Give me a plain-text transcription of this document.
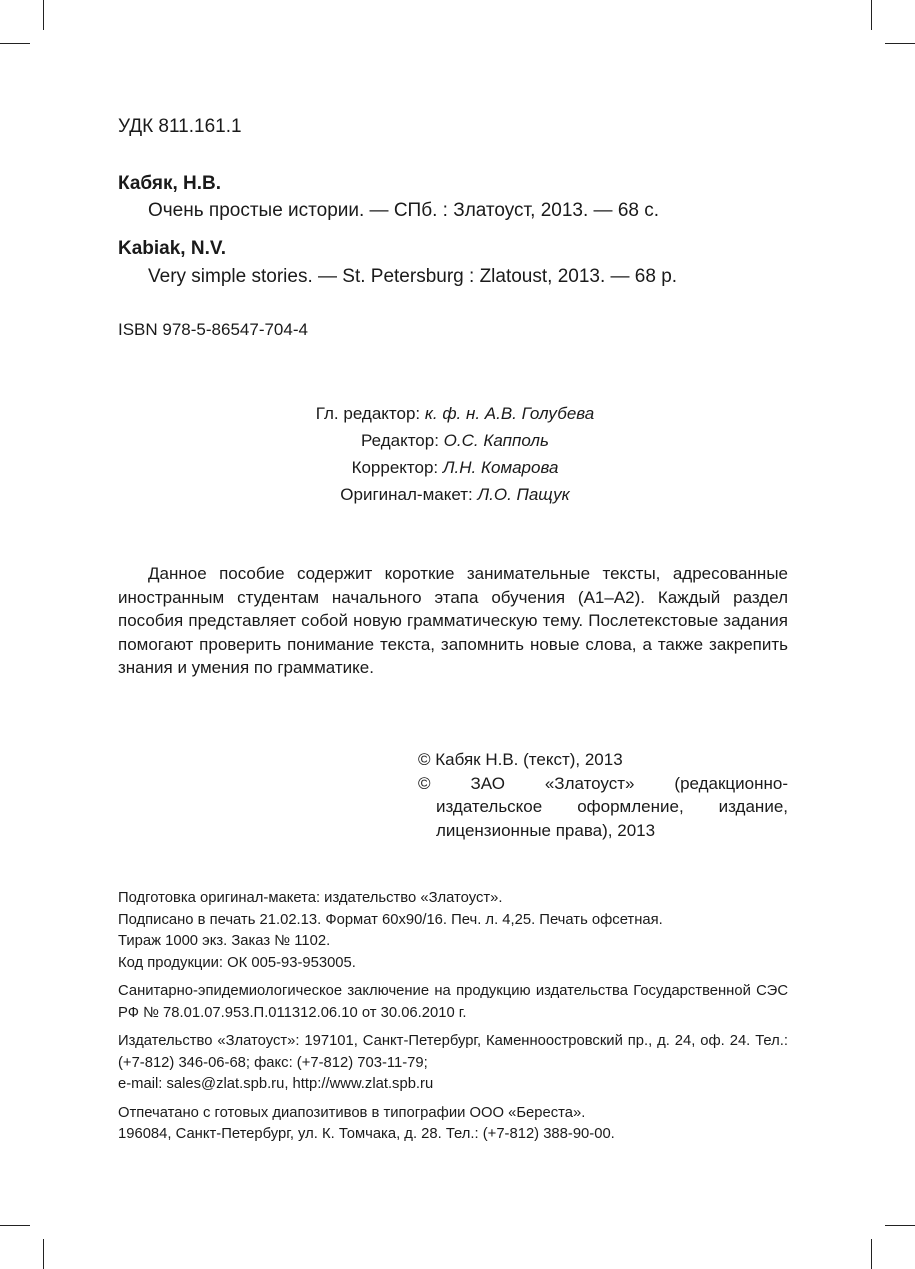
УДК 811.161.1
Кабяк, Н.В.
Очень простые истории. — СПб. : Златоуст, 2013. — 68 с.
Kabiak, N.V.
Very simple stories. — St. Petersburg : Zlatoust, 2013. — 68 p.
ISBN 978-5-86547-704-4
Гл. редактор: к. ф. н. А.В. Голубева
Редактор: О.С. Капполь
Корректор: Л.Н. Комарова
Оригинал-макет: Л.О. Пащук
Данное пособие содержит короткие занимательные тексты, адресованные иностранным студентам начального этапа обучения (А1–А2). Каждый раздел пособия представляет собой новую грамматическую тему. Послетекстовые задания помогают проверить понимание текста, запомнить новые слова, а также закрепить знания и умения по грамматике.
© Кабяк Н.В. (текст), 2013
© ЗАО «Златоуст» (редакционно-издательское оформление, издание, лицензионные права), 2013

Подготовка оригинал-макета: издательство «Златоуст».

Подписано в печать 21.02.13. Формат 60x90/16. Печ. л. 4,25. Печать офсетная.

Тираж 1000 экз. Заказ № 1102.

Код продукции: ОК 005-93-953005.

Санитарно-эпидемиологическое заключение на продукцию издательства Государственной СЭС РФ № 78.01.07.953.П.011312.06.10 от 30.06.2010 г.

Издательство «Златоуст»: 197101, Санкт-Петербург, Каменноостровский пр., д. 24, оф. 24. Тел.: (+7-812) 346-06-68; факс: (+7-812) 703-11-79;

e-mail: sales@zlat.spb.ru, http://www.zlat.spb.ru

Отпечатано с готовых диапозитивов в типографии ООО «Береста».

196084, Санкт-Петербург, ул. К. Томчака, д. 28. Тел.: (+7-812) 388-90-00.
